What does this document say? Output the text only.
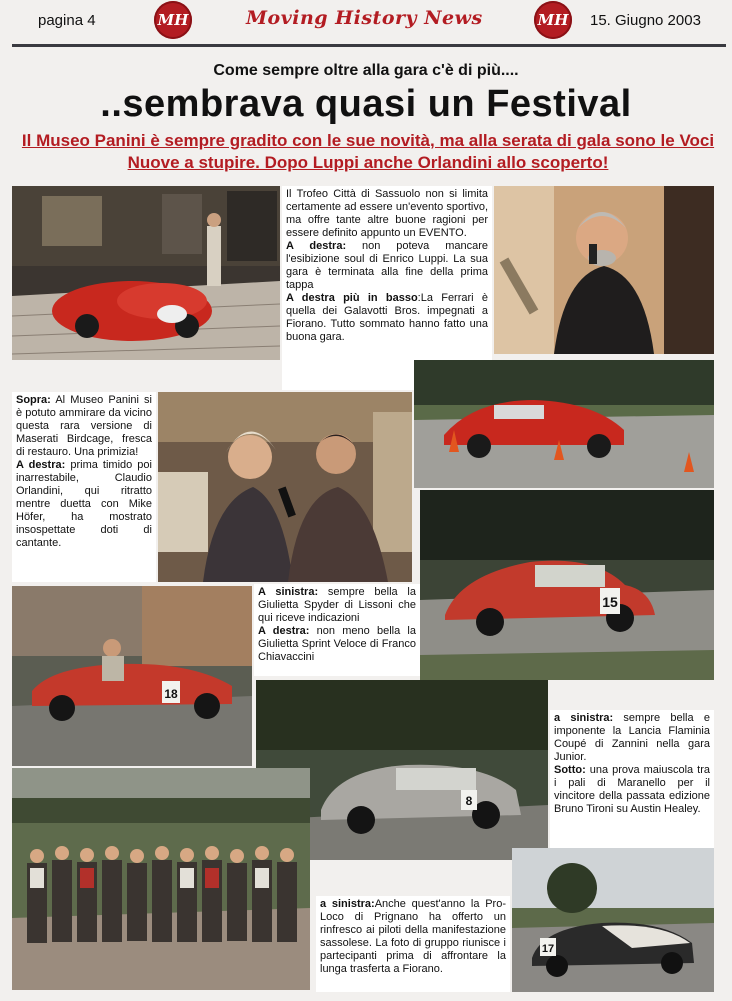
pagina 4	MH	Moving History News	MH 15. Giugno 2003
Come sempre oltre alla gara c'è di più....
..sembrava quasi un Festival
Il Museo Panini è sempre gradito con le sue novità, ma alla serata di gala sono le Voci Nuove a stupire. Dopo Luppi anche Orlandini allo scoperto!

Il Trofeo Città di Sassuolo non si limita certamente ad essere un'evento sportivo, ma offre tante altre buone ragioni per essere definito appunto un EVENTO.

A destra: non poteva mancare l'esibizione soul di Enrico Luppi. La sua gara è terminata alla fine della prima tappa

A destra più in basso:La Ferrari è quella dei Galavotti Bros. impegnati a Fiorano. Tutto sommato hanno fatto una buona gara.

Sopra: Al Museo Panini si è potuto ammirare da vicino questa rara versione di Maserati Birdcage, fresca di restauro. Una primizia!

A destra: prima timido poi inarrestabile, Claudio Orlandini, qui ritratto mentre duetta con Mike Höfer, ha mostrato insospettate doti di cantante.

15

A sinistra: sempre bella la Giulietta Spyder di Lissoni che qui riceve indicazioni

A destra: non meno bella la Giulietta Sprint Veloce di Franco Chiavaccini

18
8

a sinistra: sempre bella e imponente la Lancia Flaminia Coupé di Zannini nella gara Junior.

Sotto: una prova maiuscola tra i pali di Maranello per il vincitore della passata edizione Bruno Tironi su Austin Healey.

a sinistra:Anche quest'anno la Pro-Loco di Prignano ha offerto un rinfresco ai piloti della manifestazione sassolese. La foto di gruppo riunisce i partecipanti prima di affrontare la lunga trasferta a Fiorano.

17
